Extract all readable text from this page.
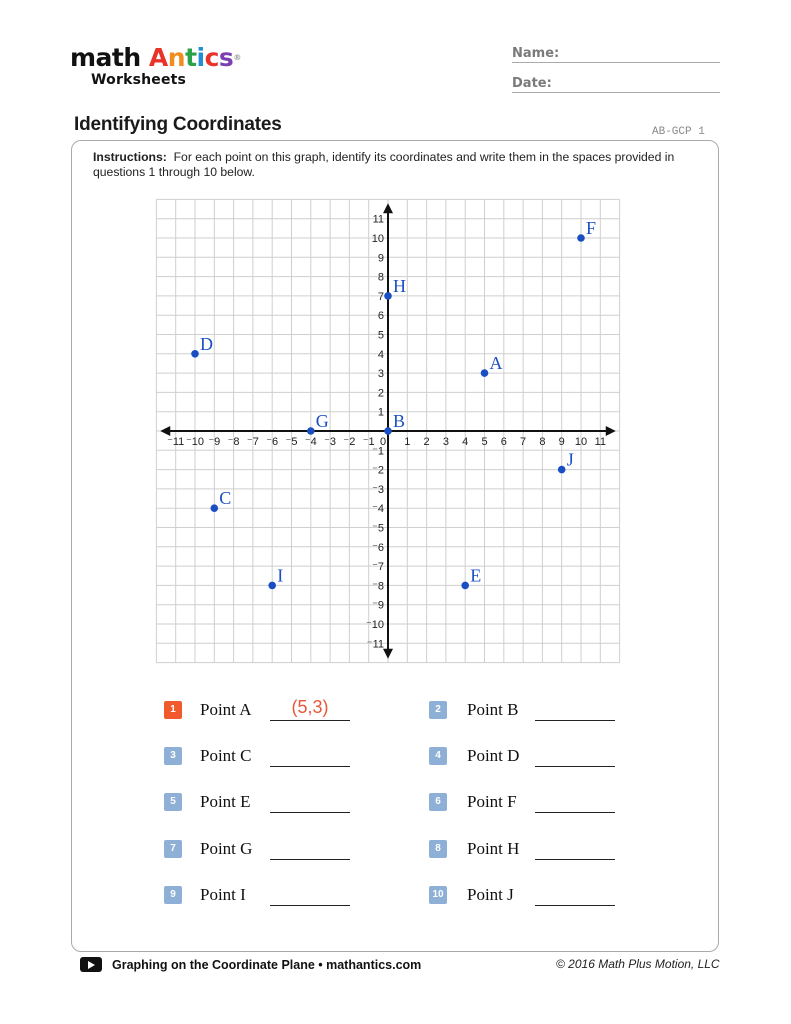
math Antics®
Worksheets
Name:
Date:
Identifying Coordinates	AB-GCP 1
Instructions: For each point on this graph, identify its coordinates and write them in the spaces provided in questions 1 through 10 below.
⁻11 ⁻10 ⁻9 ⁻8 ⁻7 ⁻6 ⁻5 ⁻4 ⁻3 ⁻2 ⁻1 0 1 2 3 4 5 6 7 8 9 10 11
⁻11
⁻10
⁻9
⁻8
⁻7
⁻6
⁻5
⁻4
⁻3
⁻2
⁻1
1
2
3
4
5
6
7
8
9
10
11
A
B
C
D
E
F
G
H
I
J
1	Point A	(5,3)	2	Point B
3	Point C	4	Point D
5	Point E	6	Point F
7	Point G	8	Point H
9	Point I	10 Point J
Graphing on the Coordinate Plane • mathantics.com	© 2016 Math Plus Motion, LLC
